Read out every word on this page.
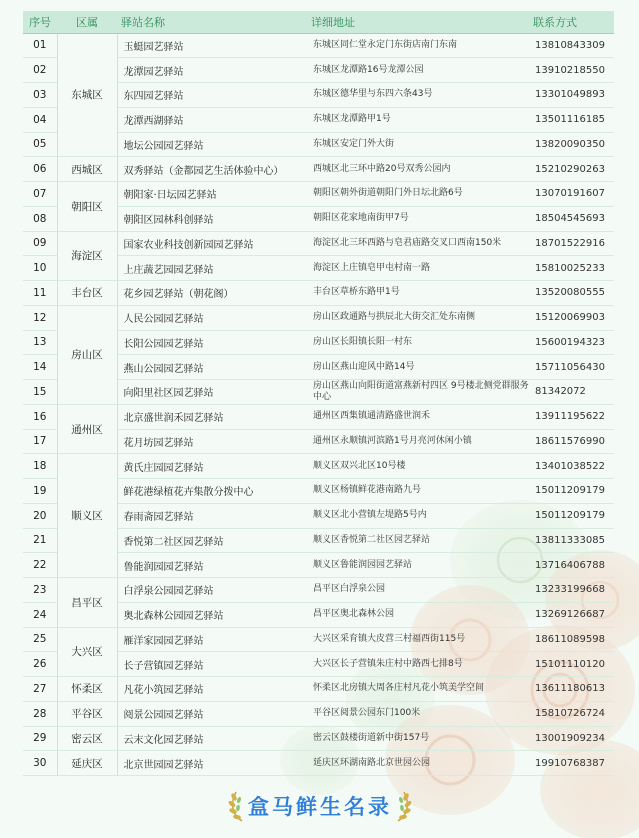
序号	区属	驿站名称	详细地址	联系方式
01	东城区	玉蜓园艺驿站	东城区同仁堂永定门东街店南门东南	13810843309
02		龙潭园艺驿站	东城区龙潭路16号龙潭公园	13910218550
03		东四园艺驿站	东城区德华里与东四六条43号	13301049893
04		龙潭西湖驿站	东城区龙潭路甲1号	13501116185
05		地坛公园园艺驿站	东城区安定门外大街	13820090350
06	西城区	双秀驿站（金都园艺生活体验中心）	西城区北三环中路20号双秀公园内	15210290263
07	朝阳区	朝阳家·日坛园艺驿站	朝阳区朝外街道朝阳门外日坛北路6号	13070191607
08		朝阳区园林科创驿站	朝阳区花家地南街甲7号	18504545693
09	海淀区	国家农业科技创新园园艺驿站	海淀区北三环西路与皂君庙路交叉口西南150米	18701522916
10		上庄蔬艺园园艺驿站	海淀区上庄镇皂甲屯村南一路	15810025233
11	丰台区	花乡园艺驿站（朝花阁）	丰台区草桥东路甲1号	13520080555
12	房山区	人民公园园艺驿站	房山区政通路与拱辰北大街交汇处东南侧	15120069903
13		长阳公园园艺驿站	房山区长阳镇长阳一村东	15600194323
14		燕山公园园艺驿站	房山区燕山迎风中路14号	15711056430
15		向阳里社区园艺驿站	房山区燕山向阳街道富燕新村四区 9号楼北侧党群服务中心	81342072
16	通州区	北京盛世润禾园艺驿站	通州区西集镇通清路盛世润禾	13911195622
17		花月坊园艺驿站	通州区永顺镇河滨路1号月亮河休闲小镇	18611576990
18	顺义区	黄氏庄园园艺驿站	顺义区双兴北区10号楼	13401038522
19		鲜花港绿植花卉集散分拨中心	顺义区杨镇鲜花港南路九号	15011209179
20		春雨斋园艺驿站	顺义区北小营镇左堤路5号内	15011209179
21		香悦第二社区园艺驿站	顺义区香悦第二社区园艺驿站	13811333085
22		鲁能润园园艺驿站	顺义区鲁能润园园艺驿站	13716406788
23	昌平区	白浮泉公园园艺驿站	昌平区白浮泉公园	13233199668
24		奥北森林公园园艺驿站	昌平区奥北森林公园	13269126687
25	大兴区	雁洋家园园艺驿站	大兴区采育镇大皮营三村福西街115号	18611089598
26		长子营镇园艺驿站	大兴区长子营镇朱庄村中路西七排8号	15101110120
27	怀柔区	凡花小筑园艺驿站	怀柔区北房镇大周各庄村凡花小筑美学空间	13611180613
28	平谷区	阅景公园园艺驿站	平谷区阅景公园东门100米	15810726724
29	密云区	云末文化园艺驿站	密云区鼓楼街道新中街157号	13001909234
30	延庆区	北京世园园艺驿站	延庆区环湖南路北京世园公园	19910768387
盒马鲜生名录
